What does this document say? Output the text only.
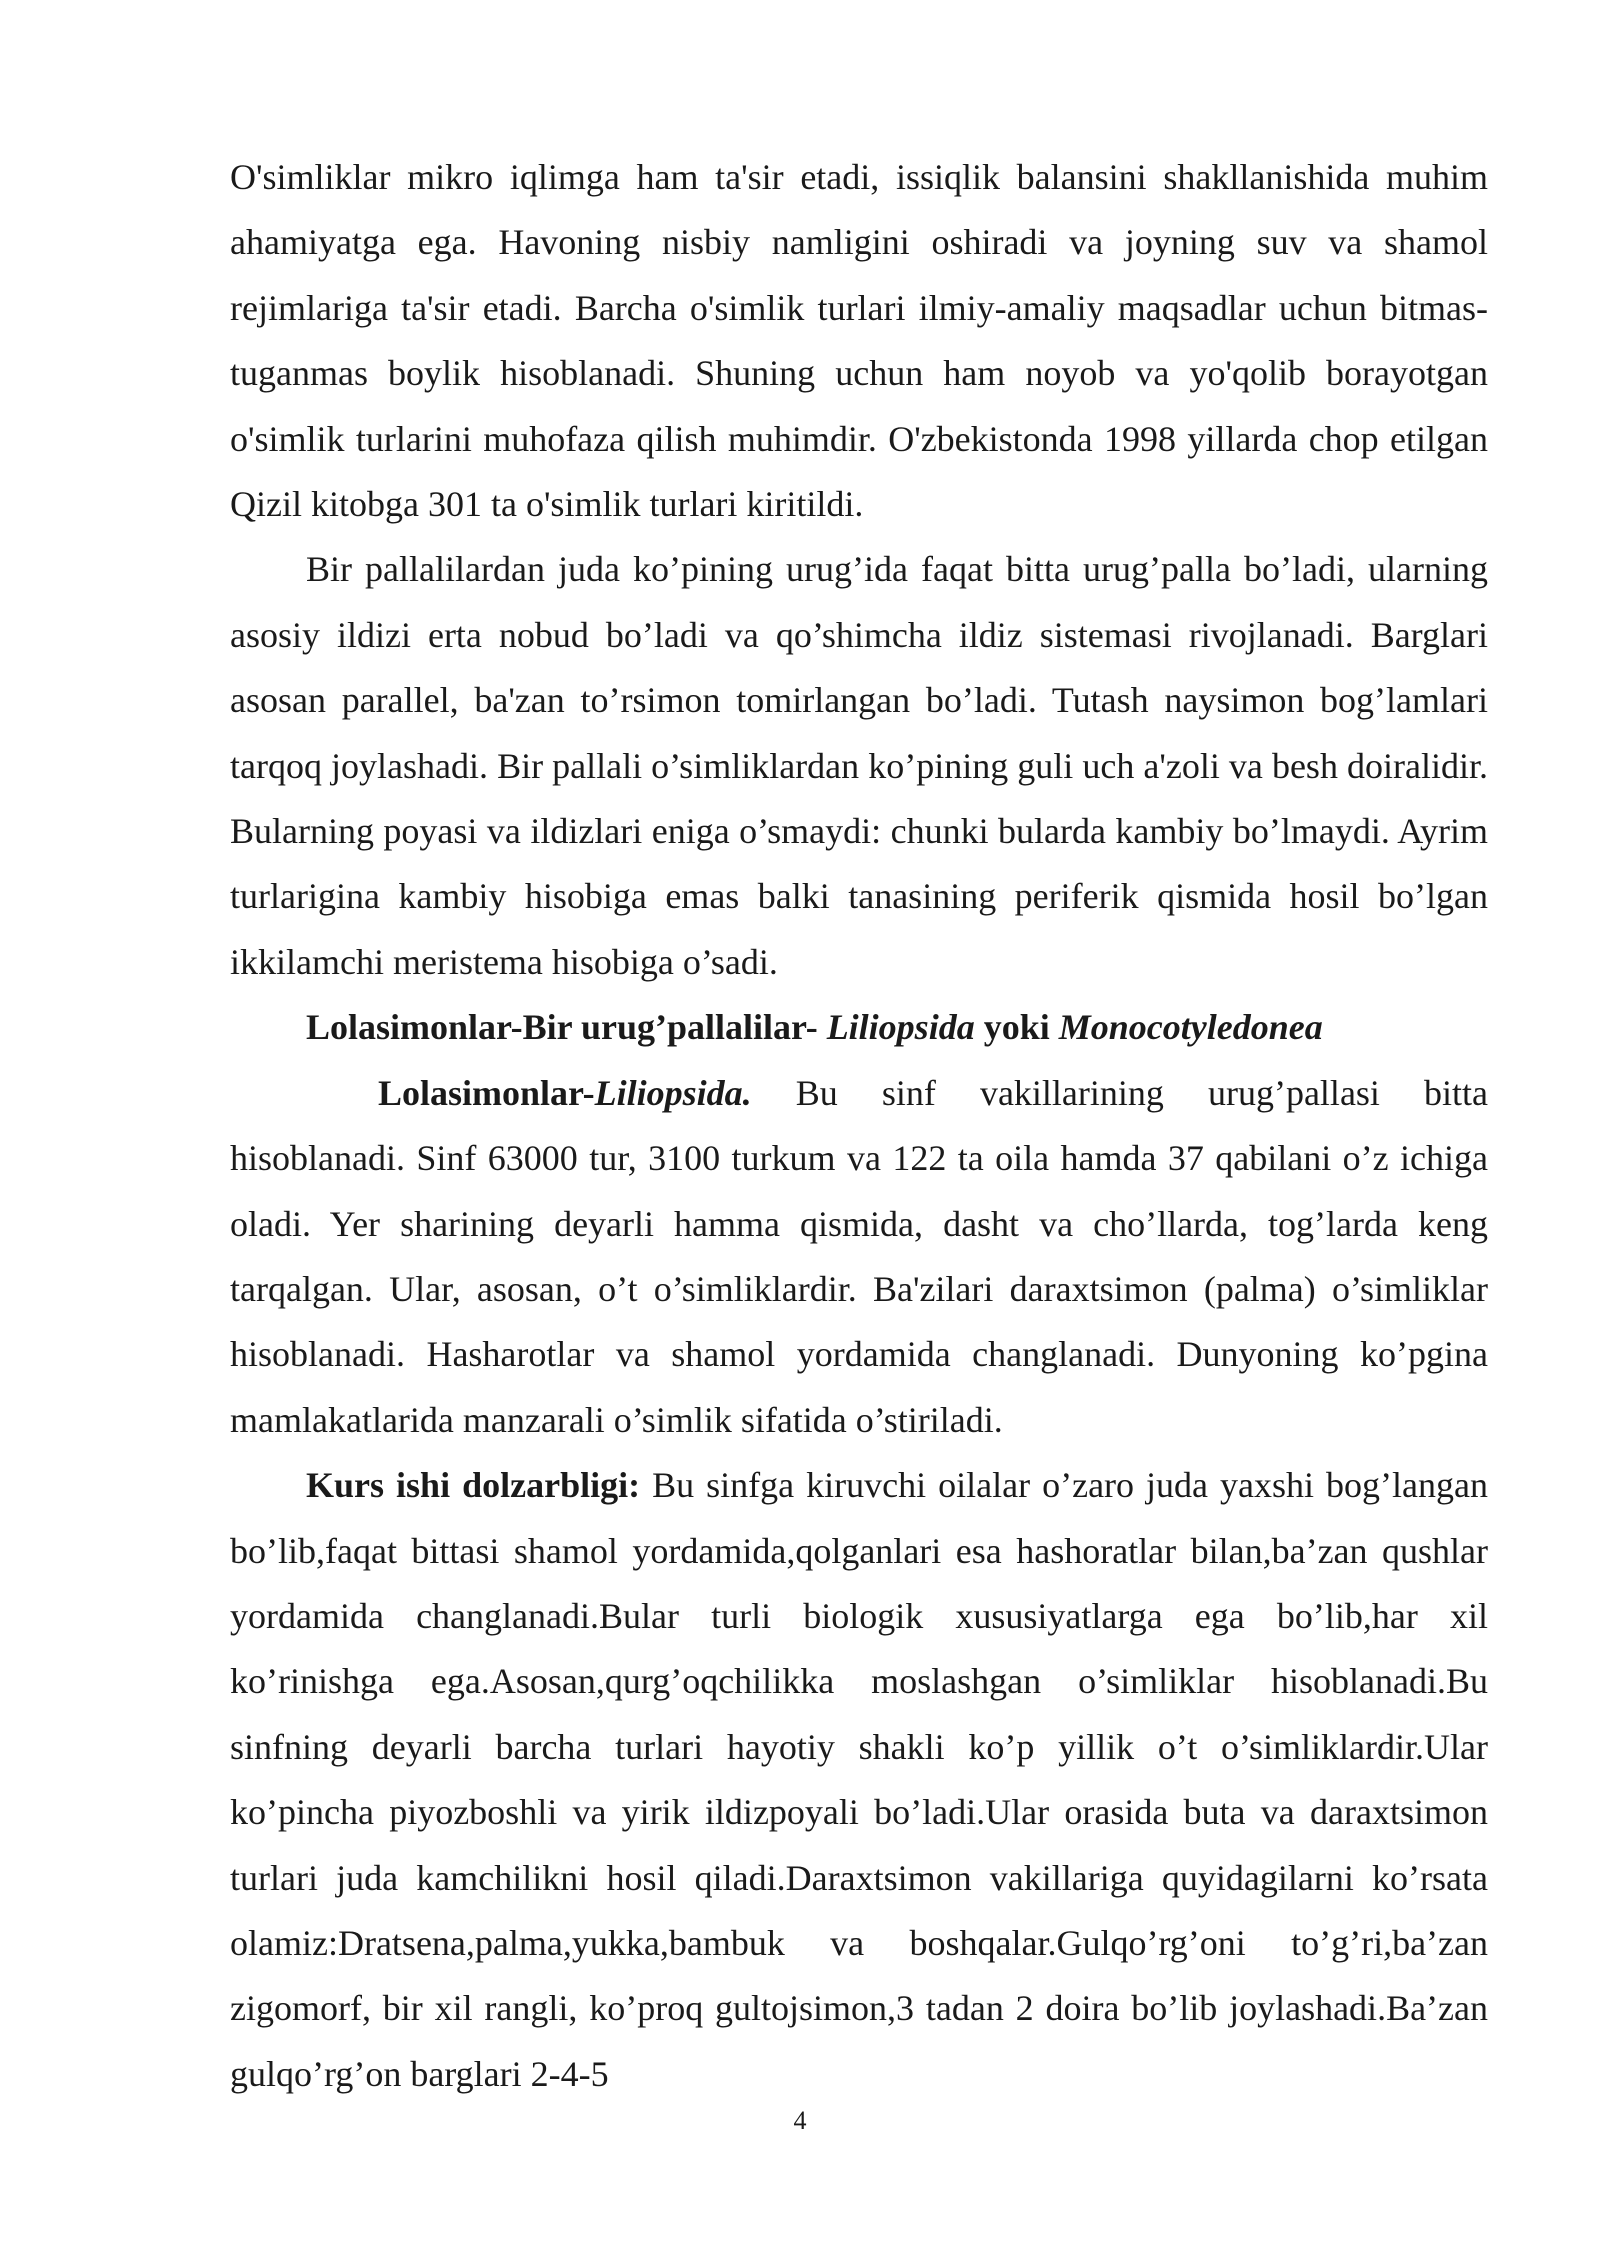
O'simliklar mikro iqlimga ham ta'sir etadi, issiqlik balansini shakllanishida muhim ahamiyatga ega. Havoning nisbiy namligini oshiradi va joyning suv va shamol rejimlariga ta'sir etadi. Barcha o'simlik turlari ilmiy-amaliy maqsadlar uchun bitmas-tuganmas boylik hisoblanadi. Shuning uchun ham noyob va yo'qolib borayotgan o'simlik turlarini muhofaza qilish muhimdir. O'zbekistonda 1998 yillarda chop etilgan Qizil kitobga 301 ta o'simlik turlari kiritildi.

Bir pallalilardan juda ko’pining urug’ida faqat bitta urug’palla bo’ladi, ularning asosiy ildizi erta nobud bo’ladi va qo’shimcha ildiz sistemasi rivojlanadi. Barglari asosan parallel, ba'zan to’rsimon tomirlangan bo’ladi. Tutash naysimon bog’lamlari tarqoq joylashadi. Bir pallali o’simliklardan ko’pining guli uch a'zoli va besh doiralidir. Bularning poyasi va ildizlari eniga o’smaydi: chunki bularda kambiy bo’lmaydi. Ayrim turlarigina kambiy hisobiga emas balki tanasining periferik qismida hosil bo’lgan ikkilamchi meristema hisobiga o’sadi.

Lolasimonlar-Bir urug’pallalilar- Liliopsida yoki Monocotyledonea

Lolasimonlar-Liliopsida. Bu sinf vakillarining urug’pallasi bitta hisoblanadi. Sinf 63000 tur, 3100 turkum va 122 ta oila hamda 37 qabilani o’z ichiga oladi. Yer sharining deyarli hamma qismida, dasht va cho’llarda, tog’larda keng tarqalgan. Ular, asosan, o’t o’simliklardir. Ba'zilari daraxtsimon (palma) o’simliklar hisoblanadi. Hasharotlar va shamol yordamida changlanadi. Dunyoning ko’pgina mamlakatlarida manzarali o’simlik sifatida o’stiriladi.

Kurs ishi dolzarbligi: Bu sinfga kiruvchi oilalar o’zaro juda yaxshi bog’langan bo’lib,faqat bittasi shamol yordamida,qolganlari esa hashoratlar bilan,ba’zan qushlar yordamida changlanadi.Bular turli biologik xususiyatlarga ega bo’lib,har xil ko’rinishga ega.Asosan,qurg’oqchilikka moslashgan o’simliklar hisoblanadi.Bu sinfning deyarli barcha turlari hayotiy shakli ko’p yillik o’t o’simliklardir.Ular ko’pincha piyozboshli va yirik ildizpoyali bo’ladi.Ular orasida buta va daraxtsimon turlari juda kamchilikni hosil qiladi.Daraxtsimon vakillariga quyidagilarni ko’rsata olamiz:Dratsena,palma,yukka,bambuk va boshqalar.Gulqo’rg’oni to’g’ri,ba’zan zigomorf, bir xil rangli, ko’proq gultojsimon,3 tadan 2 doira bo’lib joylashadi.Ba’zan gulqo’rg’on barglari 2-4-5

4
